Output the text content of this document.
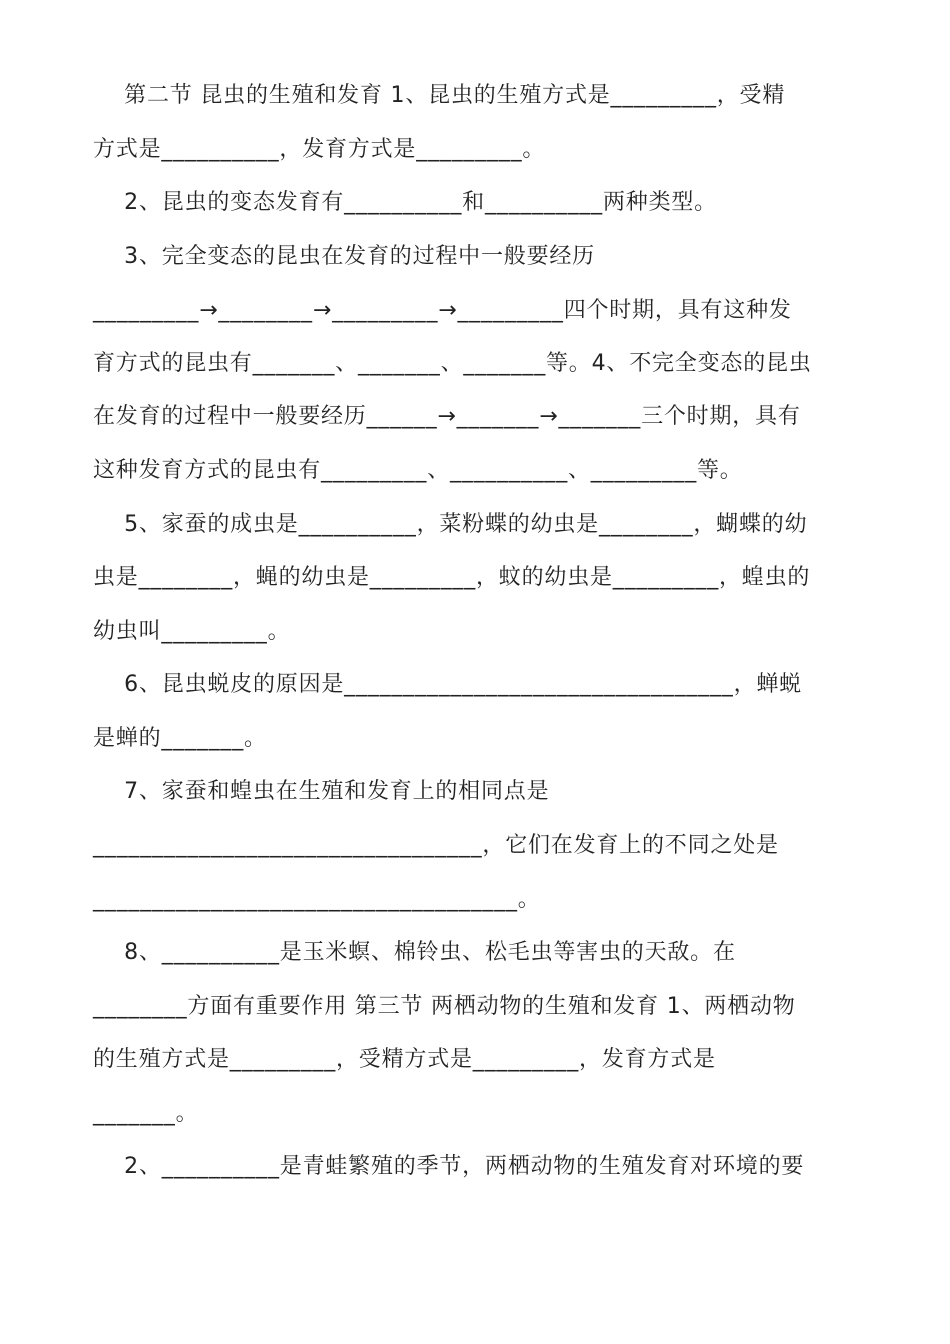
第二节 昆虫的生殖和发育 1、昆虫的生殖方式是_________，受精
方式是__________，发育方式是_________。
2、昆虫的变态发育有__________和__________两种类型。
3、完全变态的昆虫在发育的过程中一般要经历
_________→________→_________→_________四个时期，具有这种发
育方式的昆虫有_______、_______、_______等。4、不完全变态的昆虫
在发育的过程中一般要经历______→_______→_______三个时期，具有
这种发育方式的昆虫有_________、__________、_________等。
5、家蚕的成虫是__________，菜粉蝶的幼虫是________，蝴蝶的幼
虫是________，蝇的幼虫是_________，蚊的幼虫是_________，蝗虫的
幼虫叫_________。
6、昆虫蜕皮的原因是_________________________________，蝉蜕
是蝉的_______。
7、家蚕和蝗虫在生殖和发育上的相同点是
_________________________________，它们在发育上的不同之处是
____________________________________。
8、__________是玉米螟、棉铃虫、松毛虫等害虫的天敌。在
________方面有重要作用 第三节 两栖动物的生殖和发育 1、两栖动物
的生殖方式是_________，受精方式是_________，发育方式是
_______。
2、__________是青蛙繁殖的季节，两栖动物的生殖发育对环境的要
